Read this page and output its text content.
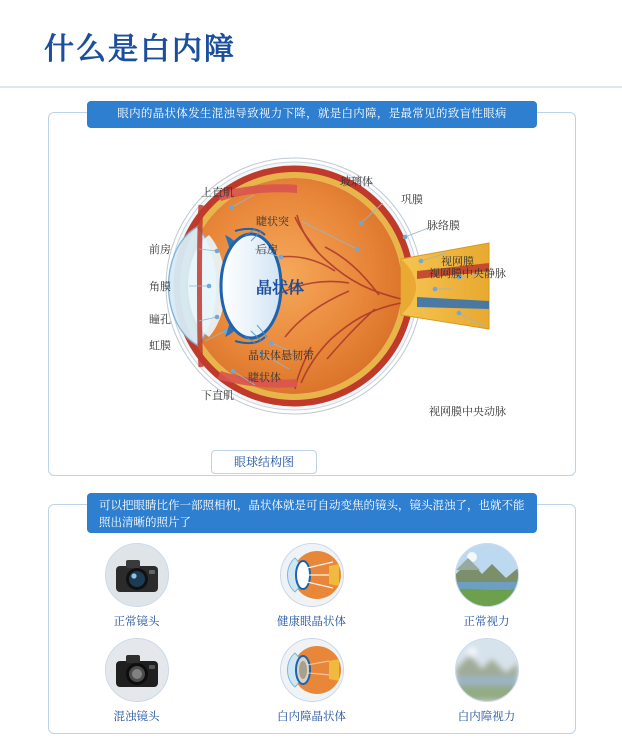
什么是白内障
眼内的晶状体发生混浊导致视力下降，就是白内障，是最常见的致盲性眼病
上直肌
玻璃体
巩膜
脉络膜
睫状突
视网膜
后房
前房
晶状体
角膜
视网膜中央静脉
瞳孔
虹膜
晶状体悬韧带
睫状体
视网膜中央动脉
下直肌
眼球结构图
可以把眼睛比作一部照相机，晶状体就是可自动变焦的镜头，镜头混浊了，也就不能照出清晰的照片了
正常镜头	健康眼晶状体	正常视力
混浊镜头	白内障晶状体	白内障视力
